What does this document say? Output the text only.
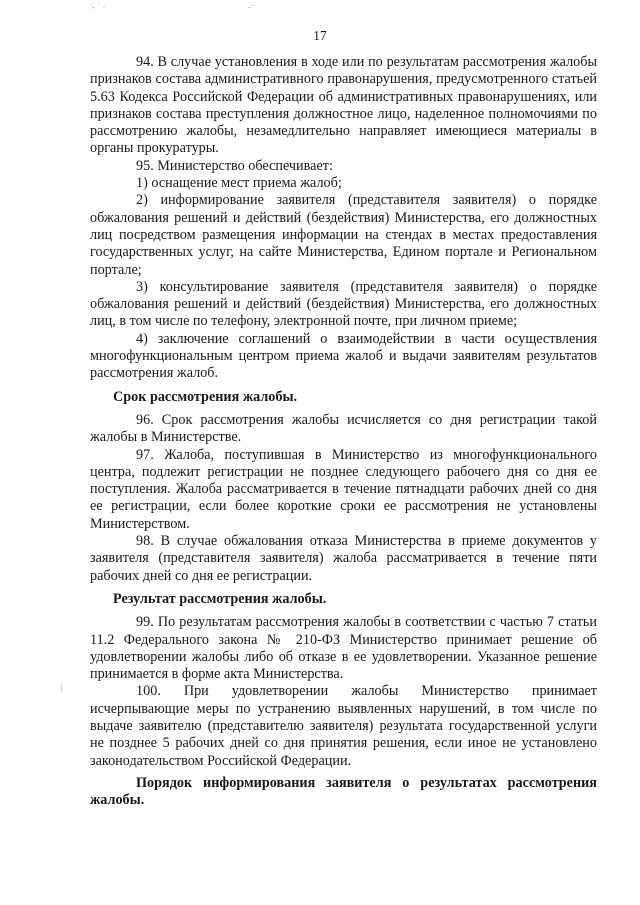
‐ ˙ ·	‐⁻
⁞
17

94. В случае установления в ходе или по результатам рассмотрения жалобы признаков состава административного правонарушения, предусмотренного статьей 5.63 Кодекса Российской Федерации об административных правонарушениях, или признаков состава преступления должностное лицо, наделенное полномочиями по рассмотрению жалобы, незамедлительно направляет имеющиеся материалы в органы прокуратуры.

95. Министерство обеспечивает:

1) оснащение мест приема жалоб;

2) информирование заявителя (представителя заявителя) о порядке обжалования решений и действий (бездействия) Министерства, его должностных лиц посредством размещения информации на стендах в местах предоставления государственных услуг, на сайте Министерства, Едином портале и Региональном портале;

3) консультирование заявителя (представителя заявителя) о порядке обжалования решений и действий (бездействия) Министерства, его должностных лиц, в том числе по телефону, электронной почте, при личном приеме;

4) заключение соглашений о взаимодействии в части осуществления многофункциональным центром приема жалоб и выдачи заявителям результатов рассмотрения жалоб.

Срок рассмотрения жалобы.

96. Срок рассмотрения жалобы исчисляется со дня регистрации такой жалобы в Министерстве.

97. Жалоба, поступившая в Министерство из многофункционального центра, подлежит регистрации не позднее следующего рабочего дня со дня ее поступления. Жалоба рассматривается в течение пятнадцати рабочих дней со дня ее регистрации, если более короткие сроки ее рассмотрения не установлены Министерством.

98. В случае обжалования отказа Министерства в приеме документов у заявителя (представителя заявителя) жалоба рассматривается в течение пяти рабочих дней со дня ее регистрации.

Результат рассмотрения жалобы.

99. По результатам рассмотрения жалобы в соответствии с частью 7 статьи 11.2 Федерального закона № 210-ФЗ Министерство принимает решение об удовлетворении жалобы либо об отказе в ее удовлетворении. Указанное решение принимается в форме акта Министерства.

100. При удовлетворении жалобы Министерство принимает исчерпывающие меры по устранению выявленных нарушений, в том числе по выдаче заявителю (представителю заявителя) результата государственной услуги не позднее 5 рабочих дней со дня принятия решения, если иное не установлено законодательством Российской Федерации.

Порядок информирования заявителя о результатах рассмотрения жалобы.
